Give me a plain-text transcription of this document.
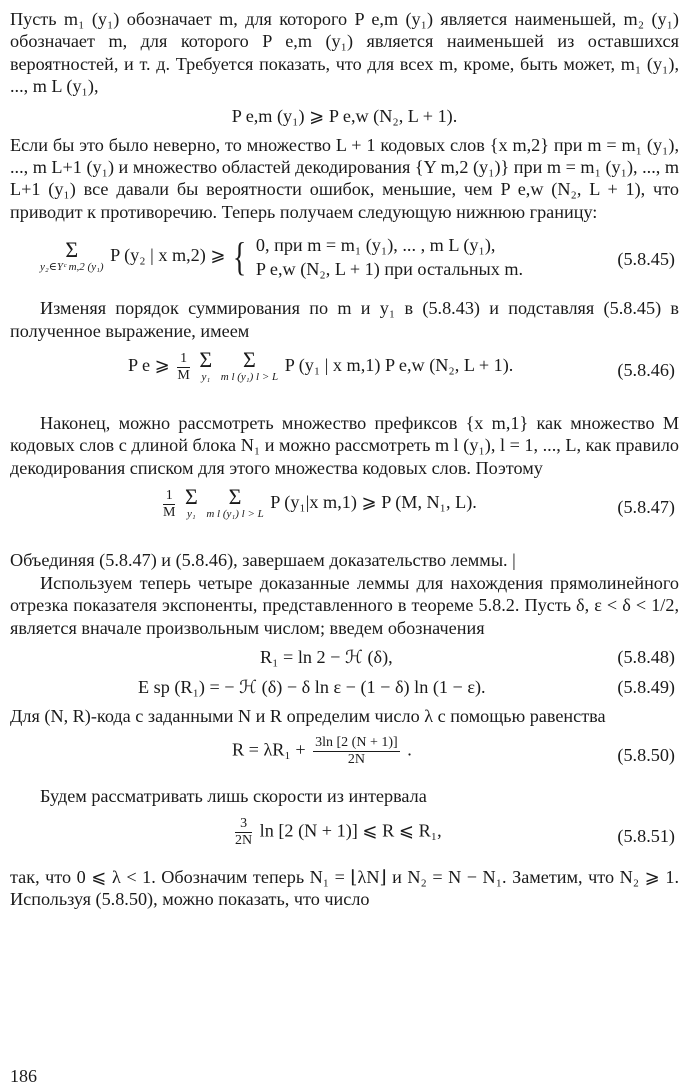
Пусть m₁ (y₁) обозначает m, для которого P e,m (y₁) является наименьшей, m₂ (y₁) обозначает m, для которого P e,m (y₁) является наименьшей из оставшихся вероятностей, и т. д. Требуется показать, что для всех m, кроме, быть может, m₁ (y₁), ..., m L (y₁),

P e,m (y₁) ⩾ P e,w (N₂, L + 1).

Если бы это было неверно, то множество L + 1 кодовых слов {x m,2} при m = m₁ (y₁), ..., m L+1 (y₁) и множество областей декодирования {Y m,2 (y₁)} при m = m₁ (y₁), ..., m L+1 (y₁) все давали бы вероятности ошибок, меньшие, чем P e,w (N₂, L + 1), что приводит к противоречию. Теперь получаем следующую нижнюю границу:

Σ
y₂∈Yᶜ m,2 (y₁)
P (y₂ | x m,2) ⩾ { 0, при m = m₁ (y₁), ... , m L (y₁),
P e,w (N₂, L + 1) при остальных m.	(5.8.45)

Изменяя порядок суммирования по m и y₁ в (5.8.43) и подставляя (5.8.45) в полученное выражение, имеем

P e ⩾ $\frac{1}{M}$
Σ
y₁

Σ
m l (y₁) l > L
P (y₁ | x m,1) P e,w (N₂, L + 1).	(5.8.46)

Наконец, можно рассмотреть множество префиксов {x m,1} как множество M кодовых слов с длиной блока N₁ и можно рассмотреть m l (y₁), l = 1, ..., L, как правило декодирования списком для этого множества кодовых слов. Поэтому

$\frac{1}{M}$
Σ
y₁

Σ
m l (y₁) l > L
P (y₁|x m,1) ⩾ P (M, N₁, L).	(5.8.47)

Объединяя (5.8.47) и (5.8.46), завершаем доказательство леммы. |

Используем теперь четыре доказанные леммы для нахождения прямолинейного отрезка показателя экспоненты, представленного в теореме 5.8.2. Пусть δ, ε < δ < 1/2, является вначале произвольным числом; введем обозначения

R₁ = ln 2 − ℋ (δ),	(5.8.48)
E sp (R₁) = − ℋ (δ) − δ ln ε − (1 − δ) ln (1 − ε).	(5.8.49)

Для (N, R)-кода с заданными N и R определим число λ с помощью равенства

$R = \lambda R_1 + \frac{3\ln [2 (N + 1)]}{2N}$ .	(5.8.50)

Будем рассматривать лишь скорости из интервала

$\frac{3}{2N}$ ln [2 (N + 1)] ⩽ R ⩽ R₁,	(5.8.51)

так, что 0 ⩽ λ < 1. Обозначим теперь N₁ = ⌊λN⌋ и N₂ = N − N₁. Заметим, что N₂ ⩾ 1. Используя (5.8.50), можно показать, что число

186
